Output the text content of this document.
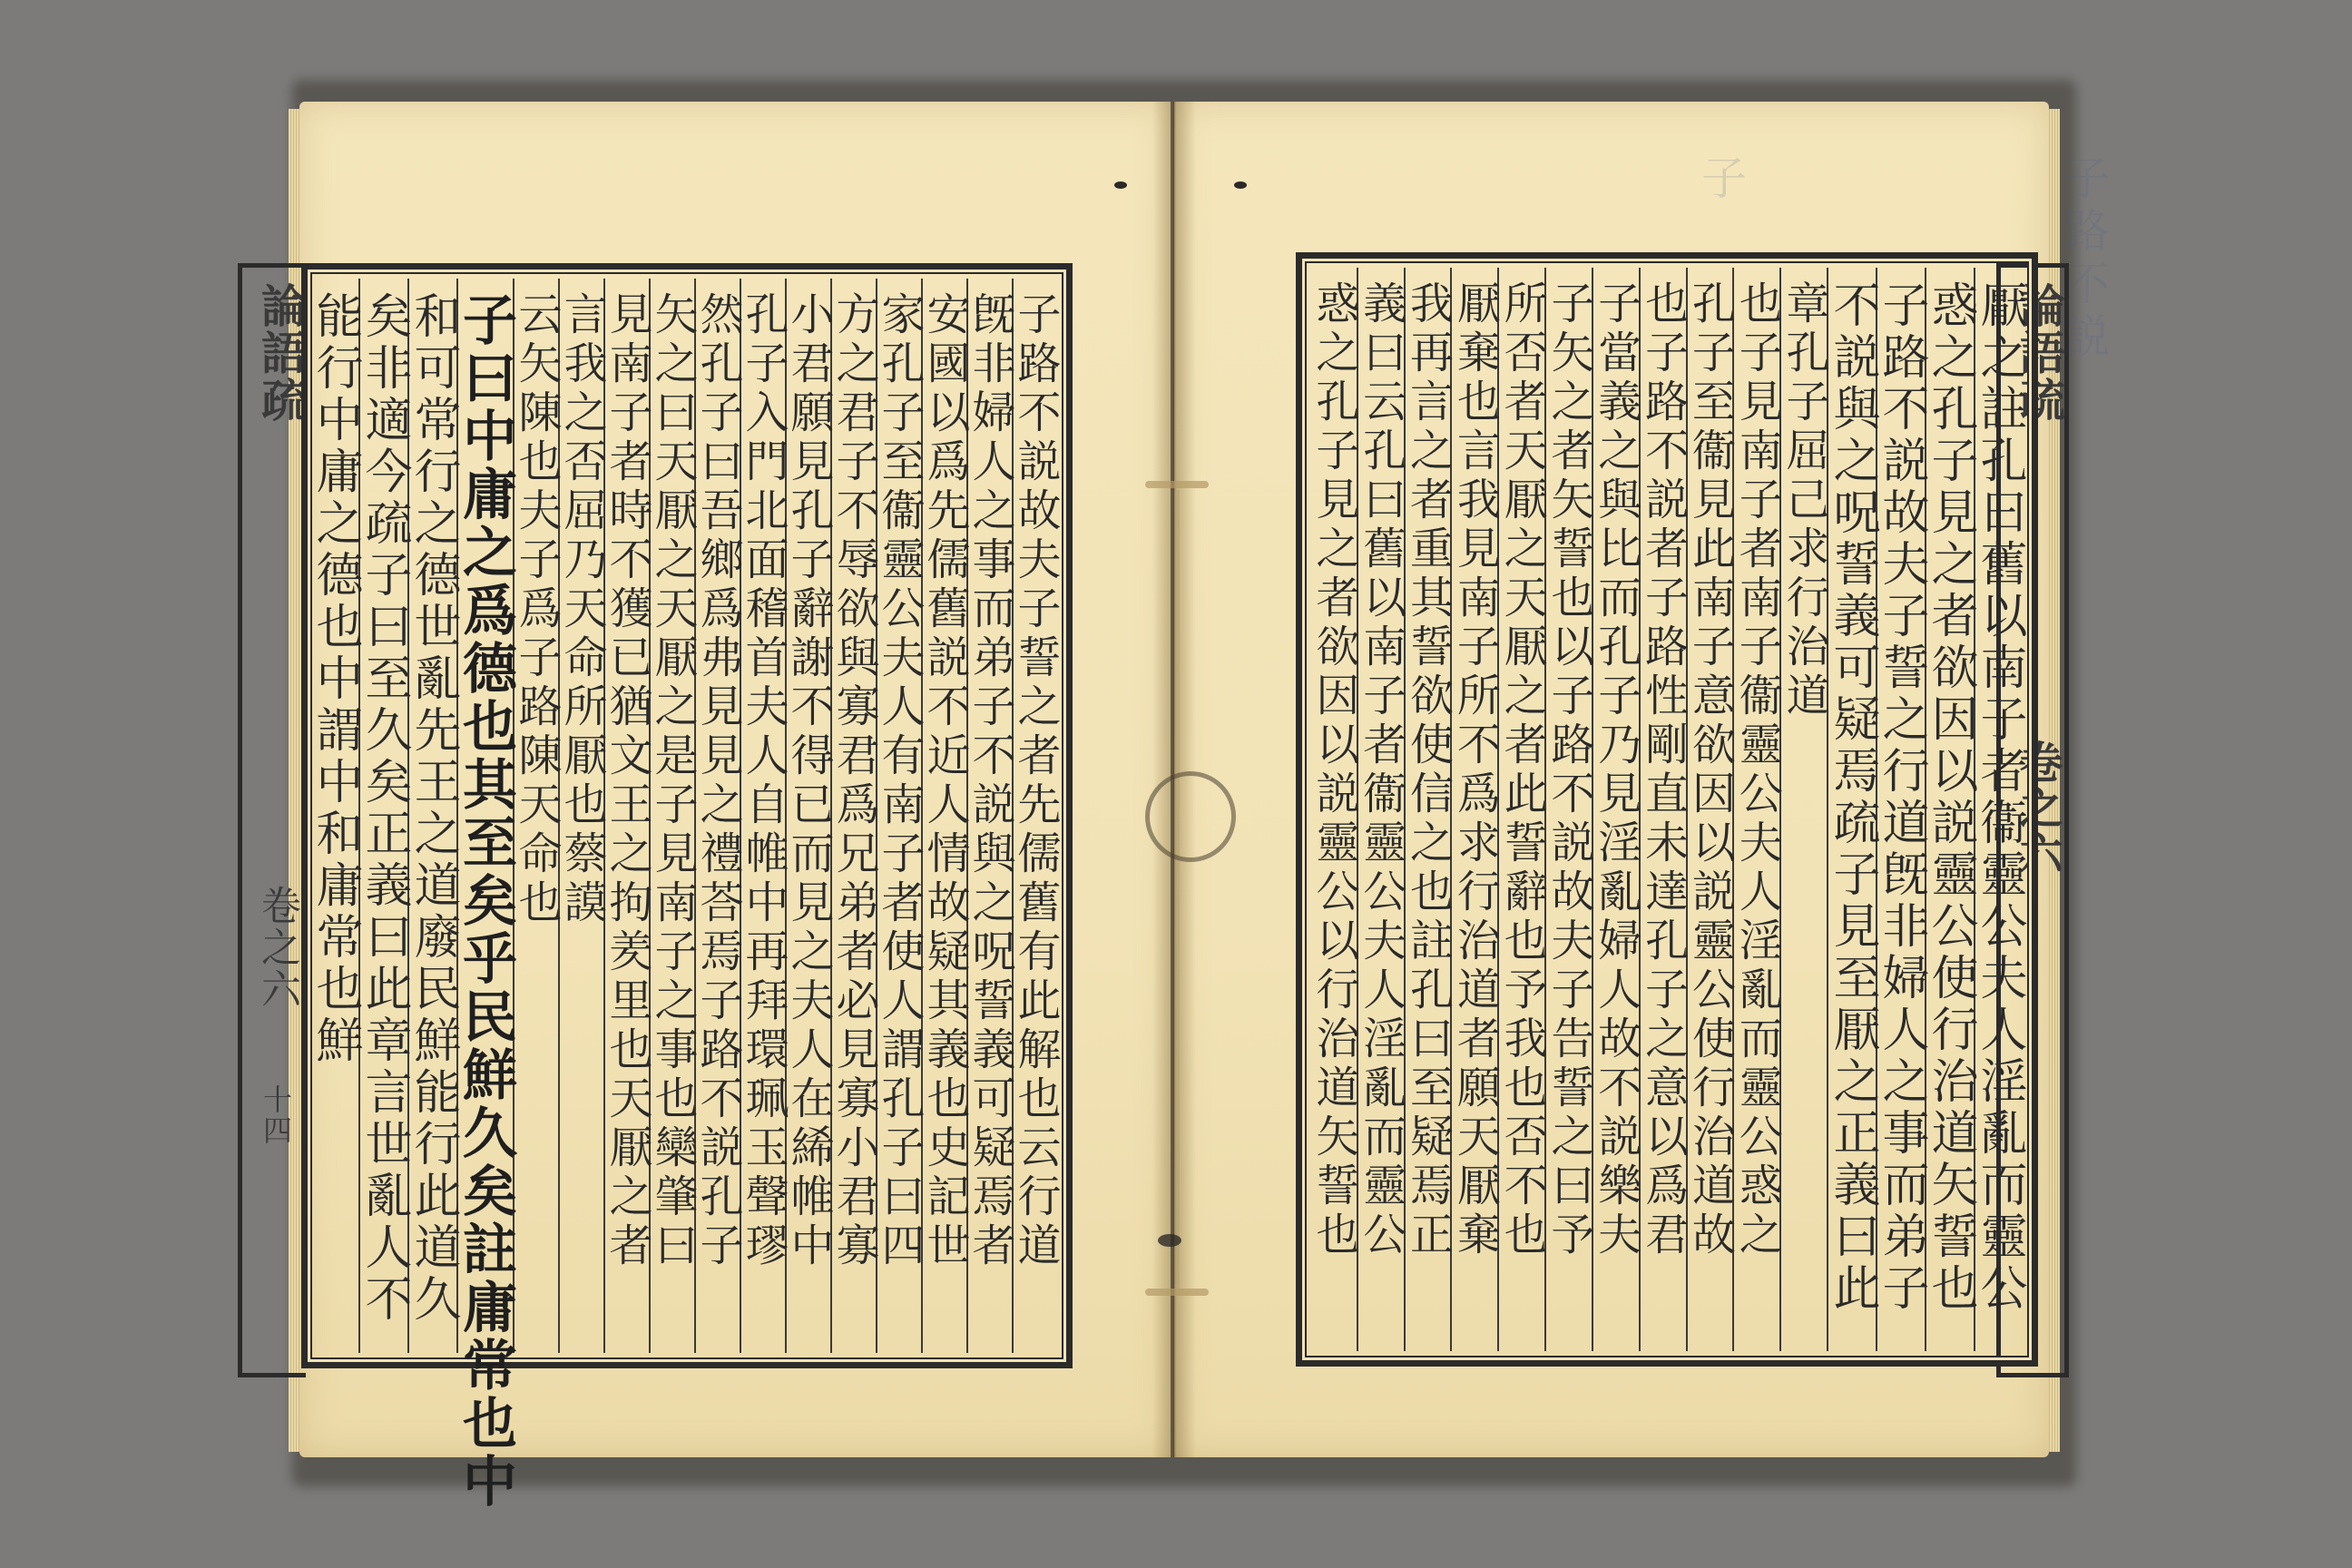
子路不説
子
論語疏
卷之六
十四	子路不説故夫子誓之者先儒舊有此解也云行道
旣非婦人之事而弟子不説與之呪誓義可疑焉者
安國以爲先儒舊説不近人情故疑其義也史記世
家孔子至衞靈公夫人有南子者使人謂孔子曰四
方之君子不辱欲與寡君爲兄弟者必見寡小君寡
小君願見孔子辭謝不得已而見之夫人在絺帷中
孔子入門北面稽首夫人自帷中再拜環珮玉聲璆
然孔子曰吾鄉爲弗見見之禮荅焉子路不説孔子
矢之曰天厭之天厭之是子見南子之事也欒肇曰
見南子者時不獲已猶文王之拘羑里也天厭之者
言我之否屈乃天命所厭也蔡謨
云矢陳也夫子爲子路陳天命也
子曰中庸之爲德也其至矣乎民鮮久矣註庸常也中
和可常行之德世亂先王之道廢民鮮能行此道久
矣非適今疏子曰至久矣正義曰此章言世亂人不
能行中庸之德也中謂中和庸常也鮮	論語疏
卷之六
厭之註孔曰舊以南子者衞靈公夫人淫亂而靈公
惑之孔子見之者欲因以説靈公使行治道矢誓也
子路不説故夫子誓之行道旣非婦人之事而弟子
不説與之呪誓義可疑焉疏子見至厭之正義曰此
章孔子屈己求行治道
也子見南子者南子衞靈公夫人淫亂而靈公惑之
孔子至衞見此南子意欲因以説靈公使行治道故
也子路不説者子路性剛直未達孔子之意以爲君
子當義之與比而孔子乃見淫亂婦人故不説樂夫
子矢之者矢誓也以子路不説故夫子告誓之曰予
所否者天厭之天厭之者此誓辭也予我也否不也
厭棄也言我見南子所不爲求行治道者願天厭棄
我再言之者重其誓欲使信之也註孔曰至疑焉正
義曰云孔曰舊以南子者衞靈公夫人淫亂而靈公
惑之孔子見之者欲因以説靈公以行治道矢誓也
